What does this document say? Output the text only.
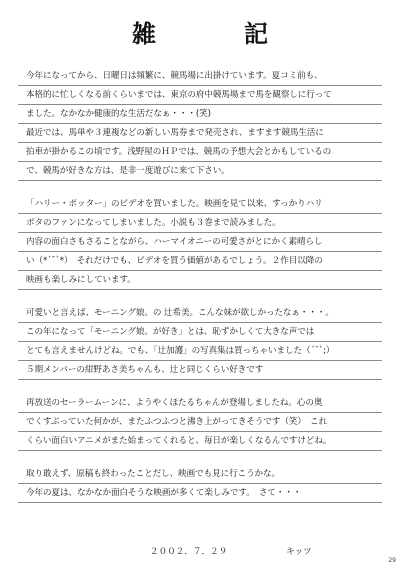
雑　記
今年になってから、日曜日は頻繁に、競馬場に出掛けています。夏コミ前も、
本格的に忙しくなる前くらいまでは、東京の府中競馬場まで馬を観察しに行って
ました。なかなか健康的な生活だなぁ・・・(笑)
最近では、馬単や３連複などの新しい馬券まで発売され、ますます競馬生活に
拍車が掛かるこの頃です。浅野屋のＨＰでは、競馬の予想大会とかもしているの
で、競馬が好きな方は、是非一度遊びに来て下さい。
「ハリー・ポッター」のビデオを買いました。映画を見て以来、すっかりハリ
ポタのファンになってしまいました。小説も３巻まで読みました。
内容の面白さもさることながら、ハーマイオニーの可愛さがとにかく素晴らし
い（*´¯`*）　それだけでも、ビデオを買う価値があるでしょう。２作目以降の
映画も楽しみにしています。
可愛いと言えば、モーニング娘。の 辻希美。こんな妹が欲しかったなぁ・・・。
この年になって「モーニング娘。が好き」とは、恥ずかしくて大きな声では
とても言えませんけどね。でも、「辻加護」の写真集は買っちゃいました（´¯`;）
５期メンバーの紺野あさ美ちゃんも、辻と同じくらい好きです
再放送のセーラームーンに、ようやくほたるちゃんが登場しましたね。心の奥
でくすぶっていた何かが、またふつふつと沸き上がってきそうです（笑）　これ
くらい面白いアニメがまた始まってくれると、毎日が楽しくなるんですけどね。
取り敢えず、原稿も終わったことだし、映画でも見に行こうかな。
今年の夏は、なかなか面白そうな映画が多くて楽しみです。　さて・・・
２００２．７．２９	キッツ
29
